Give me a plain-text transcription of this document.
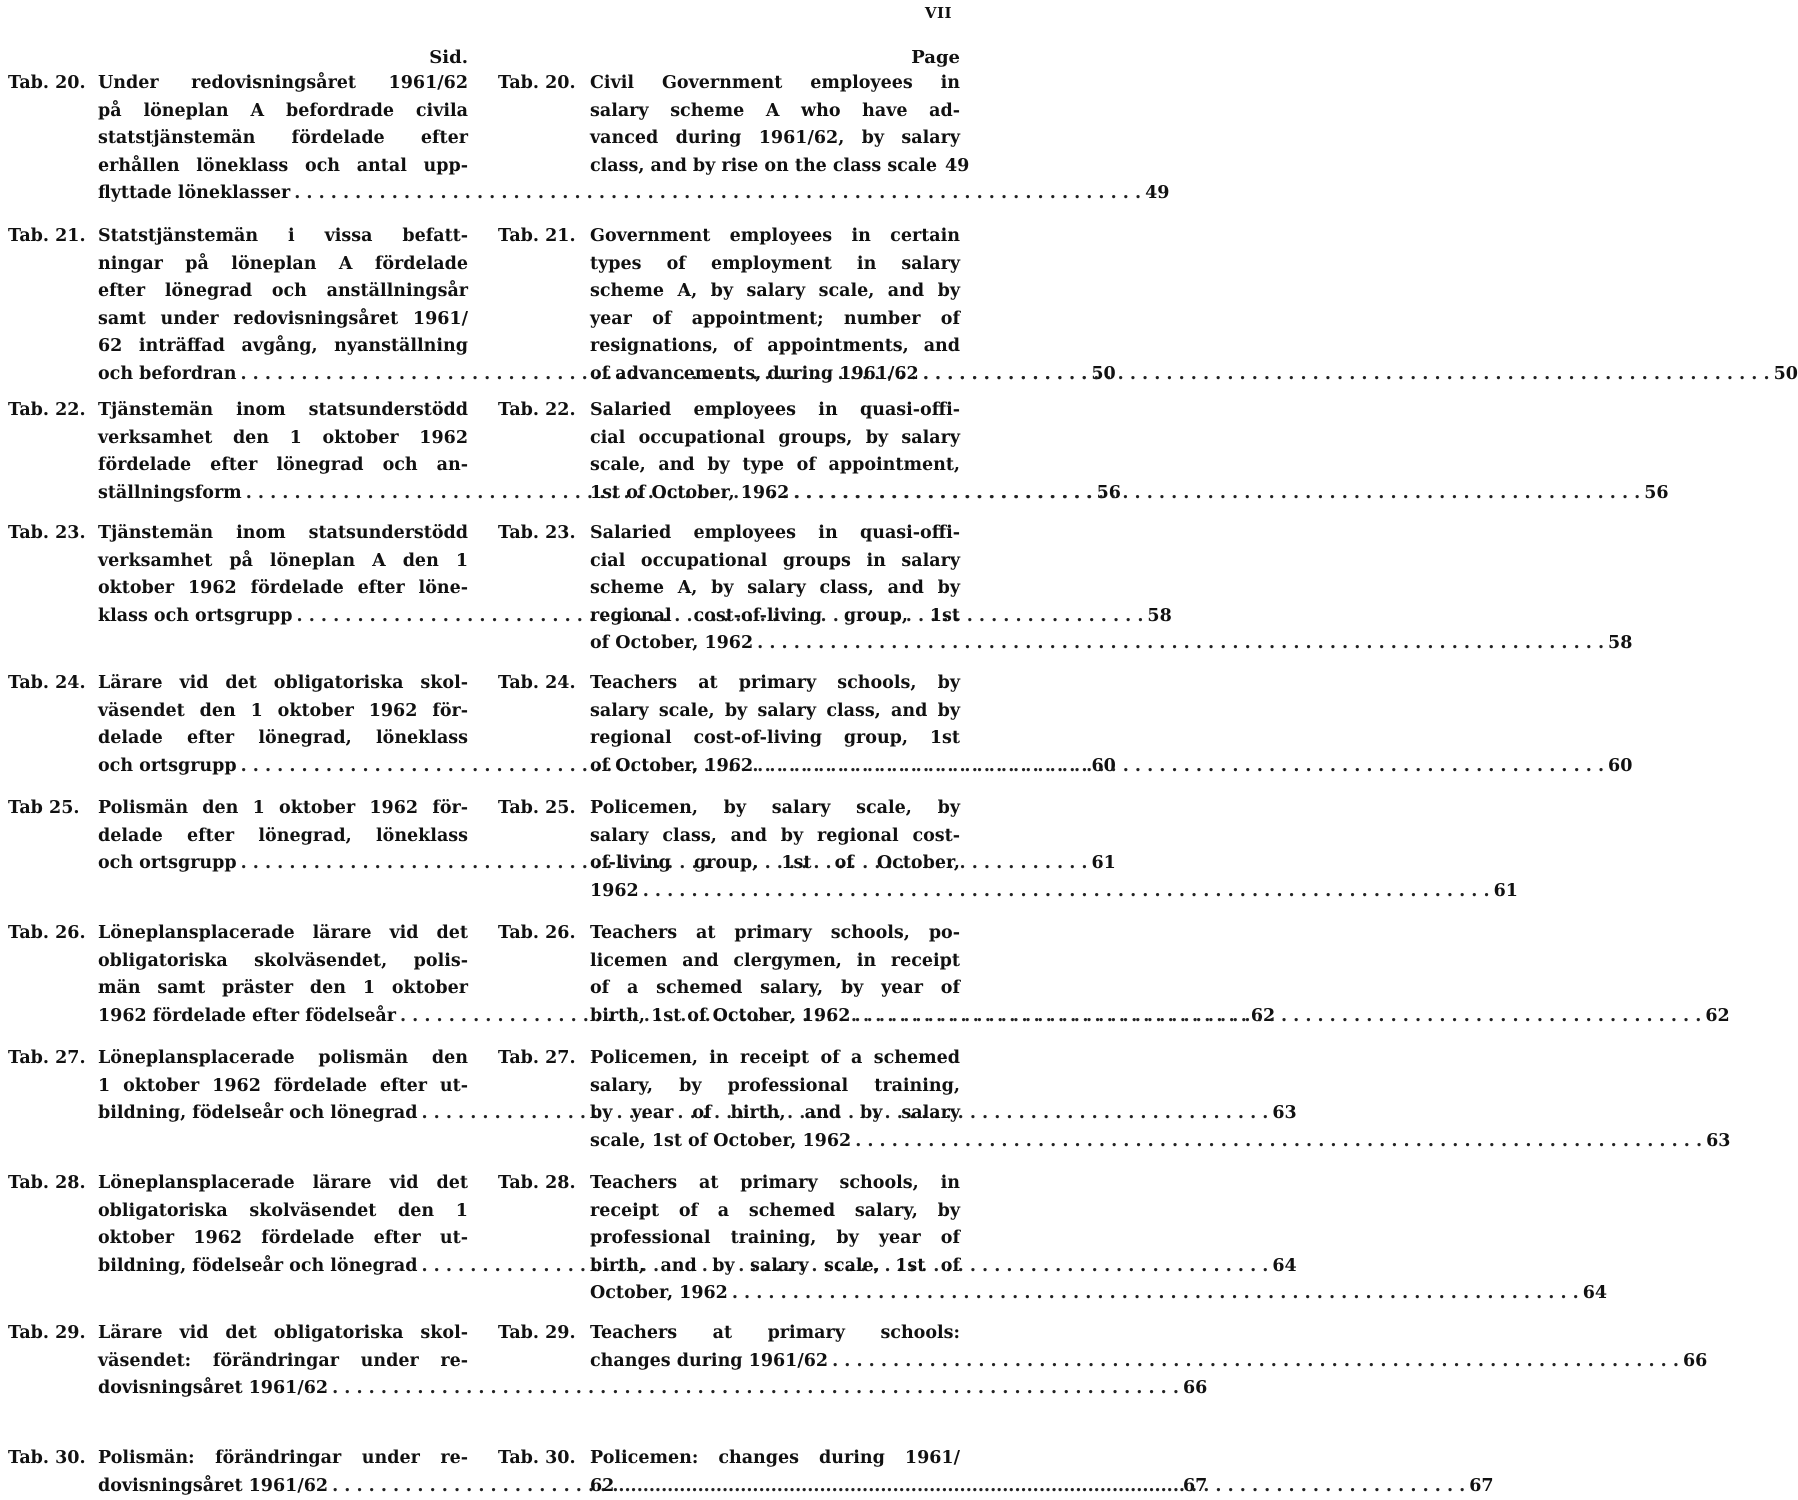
VII
Sid.
Tab. 20. Under redovisningsåret 1961/62
på löneplan A befordrade civila
statstjänstemän fördelade efter
erhållen löneklass och antal upp-
flyttade löneklasser . . .	49
Tab. 21. Statstjänstemän i vissa befatt-
ningar på löneplan A fördelade
efter lönegrad och anställningsår
samt under redovisningsåret 1961/
62 inträffad avgång, nyanställning
och befordran . . .	50
Tab. 22. Tjänstemän inom statsunderstödd
verksamhet den 1 oktober 1962
fördelade efter lönegrad och an-
ställningsform . . .	56
Tab. 23. Tjänstemän inom statsunderstödd
verksamhet på löneplan A den 1
oktober 1962 fördelade efter löne-
klass och ortsgrupp . . .	58
Tab. 24. Lärare vid det obligatoriska skol-
väsendet den 1 oktober 1962 för-
delade efter lönegrad, löneklass
och ortsgrupp . . .	60
Tab 25. Polismän den 1 oktober 1962 för-
delade efter lönegrad, löneklass
och ortsgrupp . . .	61
Tab. 26. Löneplansplacerade lärare vid det
obligatoriska skolväsendet, polis-
män samt präster den 1 oktober
1962 fördelade efter födelseår . . .	62
Tab. 27. Löneplansplacerade polismän den
1 oktober 1962 fördelade efter ut-
bildning, födelseår och lönegrad . . .	63
Tab. 28. Löneplansplacerade lärare vid det
obligatoriska skolväsendet den 1
oktober 1962 fördelade efter ut-
bildning, födelseår och lönegrad . . .	64
Tab. 29. Lärare vid det obligatoriska skol-
väsendet: förändringar under re-
dovisningsåret 1961/62 . . .	66
Tab. 30. Polismän: förändringar under re-
dovisningsåret 1961/62 . . .	67
Page
Tab. 20. Civil Government employees in
salary scheme A who have ad-
vanced during 1961/62, by salary
class, and by rise on the class scale 49
Tab. 21. Government employees in certain
types of employment in salary
scheme A, by salary scale, and by
year of appointment; number of
resignations, of appointments, and
of advancements, during 1961/62 . . .	50
Tab. 22. Salaried employees in quasi-offi-
cial occupational groups, by salary
scale, and by type of appointment,
1st of October, 1962 . . .	56
Tab. 23. Salaried employees in quasi-offi-
cial occupational groups in salary
scheme A, by salary class, and by
regional cost-of-living group, 1st
of October, 1962 . . .	58
Tab. 24. Teachers at primary schools, by
salary scale, by salary class, and by
regional cost-of-living group, 1st
of October, 1962 . . .	60
Tab. 25. Policemen, by salary scale, by
salary class, and by regional cost-
of-living group, 1st of October,
1962 . . .	61
Tab. 26. Teachers at primary schools, po-
licemen and clergymen, in receipt
of a schemed salary, by year of
birth, 1st of October, 1962 . . .	62
Tab. 27. Policemen, in receipt of a schemed
salary, by professional training,
by year of birth, and by salary
scale, 1st of October, 1962 . . .	63
Tab. 28. Teachers at primary schools, in
receipt of a schemed salary, by
professional training, by year of
birth, and by salary scale, 1st of
October, 1962 . . .	64
Tab. 29. Teachers at primary schools:
changes during 1961/62 . . .	66
Tab. 30. Policemen: changes during 1961/
62 . . .	67
